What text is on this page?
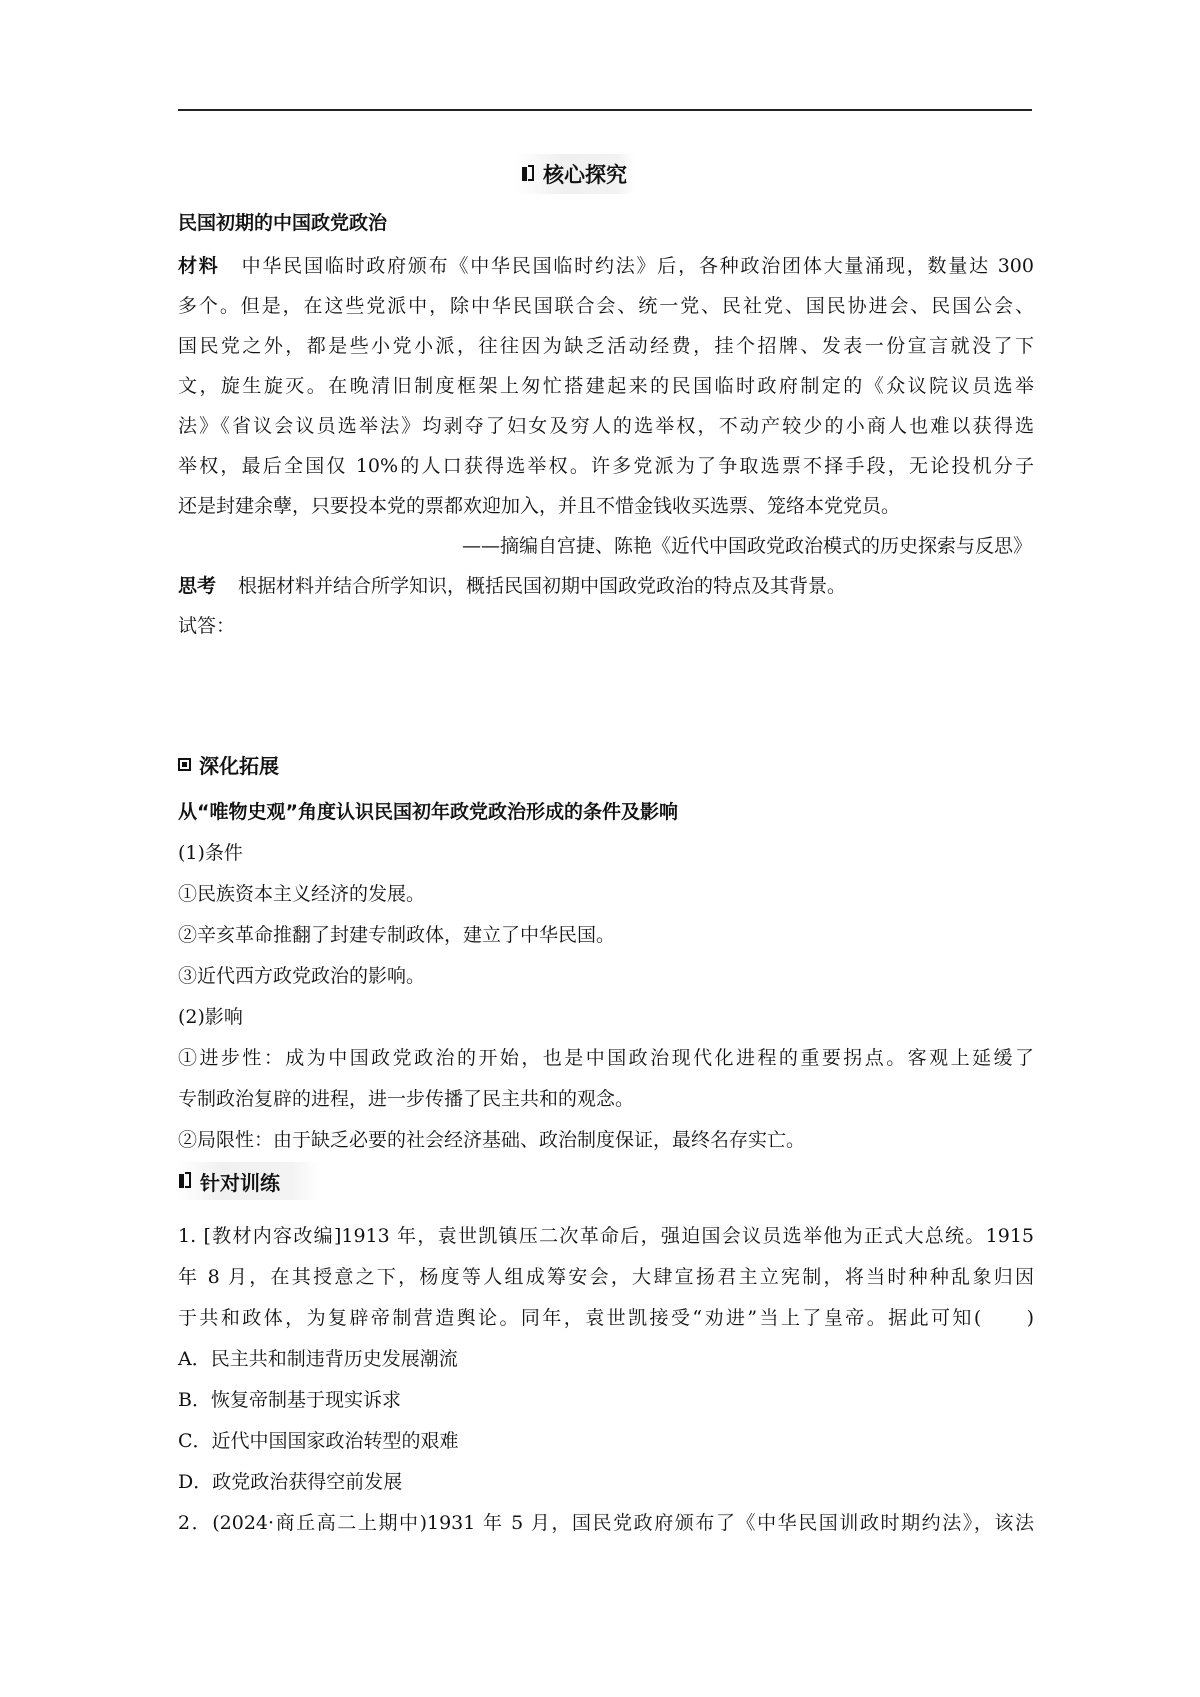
核心探究
民国初期的中国政党政治
材料 中华民国临时政府颁布《中华民国临时约法》后，各种政治团体大量涌现，数量达 300
多个。但是，在这些党派中，除中华民国联合会、统一党、民社党、国民协进会、民国公会、
国民党之外，都是些小党小派，往往因为缺乏活动经费，挂个招牌、发表一份宣言就没了下
文，旋生旋灭。在晚清旧制度框架上匆忙搭建起来的民国临时政府制定的《众议院议员选举
法》《省议会议员选举法》均剥夺了妇女及穷人的选举权，不动产较少的小商人也难以获得选
举权，最后全国仅 10%的人口获得选举权。许多党派为了争取选票不择手段，无论投机分子
还是封建余孽，只要投本党的票都欢迎加入，并且不惜金钱收买选票、笼络本党党员。
——摘编自宫捷、陈艳《近代中国政党政治模式的历史探索与反思》
思考 根据材料并结合所学知识，概括民国初期中国政党政治的特点及其背景。
试答：
深化拓展
从“唯物史观”角度认识民国初年政党政治形成的条件及影响
(1)条件
①民族资本主义经济的发展。
②辛亥革命推翻了封建专制政体，建立了中华民国。
③近代西方政党政治的影响。
(2)影响
①进步性：成为中国政党政治的开始，也是中国政治现代化进程的重要拐点。客观上延缓了
专制政治复辟的进程，进一步传播了民主共和的观念。
②局限性：由于缺乏必要的社会经济基础、政治制度保证，最终名存实亡。
针对训练
1. [教材内容改编]1913 年，袁世凯镇压二次革命后，强迫国会议员选举他为正式大总统。1915
年 8 月，在其授意之下，杨度等人组成筹安会，大肆宣扬君主立宪制，将当时种种乱象归因
于共和政体，为复辟帝制营造舆论。同年，袁世凯接受“劝进”当上了皇帝。据此可知(　　)
A．民主共和制违背历史发展潮流
B．恢复帝制基于现实诉求
C．近代中国国家政治转型的艰难
D．政党政治获得空前发展
2．(2024·商丘高二上期中)1931 年 5 月，国民党政府颁布了《中华民国训政时期约法》，该法
